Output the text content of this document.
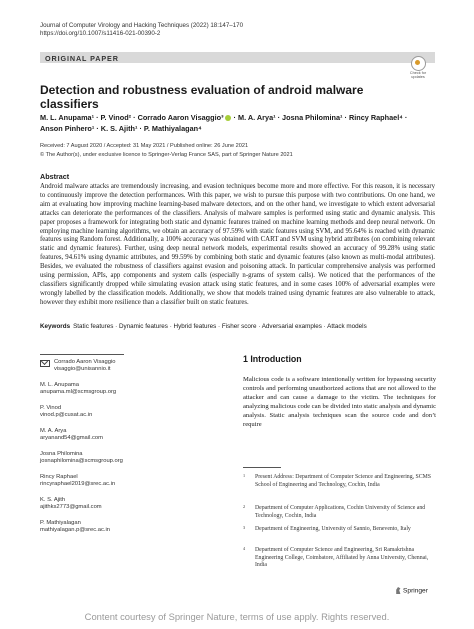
Journal of Computer Virology and Hacking Techniques (2022) 18:147–170
https://doi.org/10.1007/s11416-021-00390-2
ORIGINAL PAPER
Check for
updates
Detection and robustness evaluation of android malware classifiers
M. L. Anupama¹ · P. Vinod² · Corrado Aaron Visaggio³ · M. A. Arya¹ · Josna Philomina¹ · Rincy Raphael⁴ ·
Anson Pinhero¹ · K. S. Ajith¹ · P. Mathiyalagan⁴
Received: 7 August 2020 / Accepted: 31 May 2021 / Published online: 26 June 2021
© The Author(s), under exclusive licence to Springer-Verlag France SAS, part of Springer Nature 2021
Abstract
Android malware attacks are tremendously increasing, and evasion techniques become more and more effective. For this reason, it is necessary to continuously improve the detection performances. With this paper, we wish to pursue this purpose with two contributions. On one hand, we aim at evaluating how improving machine learning-based malware detectors, and on the other hand, we investigate to which extent adversarial attacks can deteriorate the performances of the classifiers. Analysis of malware samples is performed using static and dynamic analysis. This paper proposes a framework for integrating both static and dynamic features trained on machine learning methods and deep neural network. On employing machine learning algorithms, we obtain an accuracy of 97.59% with static features using SVM, and 95.64% is reached with dynamic features using Random forest. Additionally, a 100% accuracy was obtained with CART and SVM using hybrid attributes (on combining relevant static and dynamic features). Further, using deep neural network models, experimental results showed an accuracy of 99.28% using static features, 94.61% using dynamic attributes, and 99.59% by combining both static and dynamic features (also known as multi-modal attributes). Besides, we evaluated the robustness of classifiers against evasion and poisoning attack. In particular comprehensive analysis was performed using permission, APIs, app components and system calls (especially n-grams of system calls). We noticed that the performances of the classifiers significantly dropped while simulating evasion attack using static features, and in some cases 100% of adversarial examples were wrongly labelled by the classification models. Additionally, we show that models trained using dynamic features are also vulnerable to attack, however they exhibit more resilience than a classifier built on static features.
Keywords Static features · Dynamic features · Hybrid features · Fisher score · Adversarial examples · Attack models
Corrado Aaron Visaggio
visaggio@unisannio.it
M. L. Anupama
anupama.ml@scmsgroup.org
P. Vinod
vinod.p@cusat.ac.in
M. A. Arya
aryanand54@gmail.com
Josna Philomina
josnaphilomina@scmsgroup.org
Rincy Raphael
rincyraphael2019@srec.ac.in
K. S. Ajith
ajithks2773@gmail.com
P. Mathiyalagan
mathiyalagan.p@srec.ac.in
1 Introduction
Malicious code is a software intentionally written for bypassing security controls and performing unauthorized actions that are not allowed to the attacker and can cause a damage to the victim. The techniques for analyzing malicious code can be divided into static analysis and dynamic analysis. Static analysis techniques scan the source code and don’t require
1 Present Address: Department of Computer Science and Engineering, SCMS School of Engineering and Technology, Cochin, India
2 Department of Computer Applications, Cochin University of Science and Technology, Cochin, India
3 Department of Engineering, University of Sannio, Benevento, Italy
4 Department of Computer Science and Engineering, Sri Ramakrishna Engineering College, Coimbatore, Affiliated by Anna University, Chennai, India
Springer
Content courtesy of Springer Nature, terms of use apply. Rights reserved.
